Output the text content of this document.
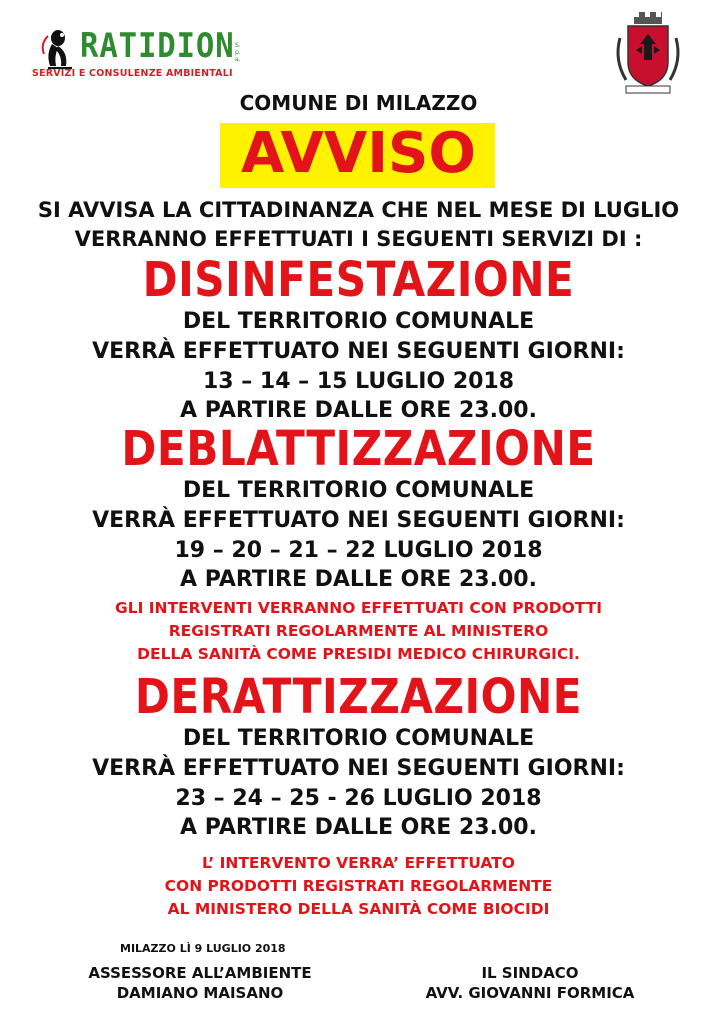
RATIDION S.p.a.
SERVIZI E CONSULENZE AMBIENTALI

COMUNE DI MILAZZO

AVVISO

SI AVVISA LA CITTADINANZA CHE NEL MESE DI LUGLIO

VERRANNO EFFETTUATI I SEGUENTI SERVIZI DI :

DISINFESTAZIONE

DEL TERRITORIO COMUNALE

VERRÀ EFFETTUATO NEI SEGUENTI GIORNI:

13 – 14 – 15 LUGLIO 2018

A PARTIRE DALLE ORE 23.00.

DEBLATTIZZAZIONE

DEL TERRITORIO COMUNALE

VERRÀ EFFETTUATO NEI SEGUENTI GIORNI:

19 – 20 – 21 – 22 LUGLIO 2018

A PARTIRE DALLE ORE 23.00.

GLI INTERVENTI VERRANNO EFFETTUATI CON PRODOTTI

REGISTRATI REGOLARMENTE AL MINISTERO

DELLA SANITÀ COME PRESIDI MEDICO CHIRURGICI.

DERATTIZZAZIONE

DEL TERRITORIO COMUNALE

VERRÀ EFFETTUATO NEI SEGUENTI GIORNI:

23 – 24 – 25 - 26 LUGLIO 2018

A PARTIRE DALLE ORE 23.00.

L’ INTERVENTO VERRA’ EFFETTUATO

CON PRODOTTI REGISTRATI REGOLARMENTE

AL MINISTERO DELLA SANITÀ COME BIOCIDI

MILAZZO LÌ 9 LUGLIO 2018

ASSESSORE ALL’AMBIENTE

DAMIANO MAISANO

IL SINDACO

AVV. GIOVANNI FORMICA
